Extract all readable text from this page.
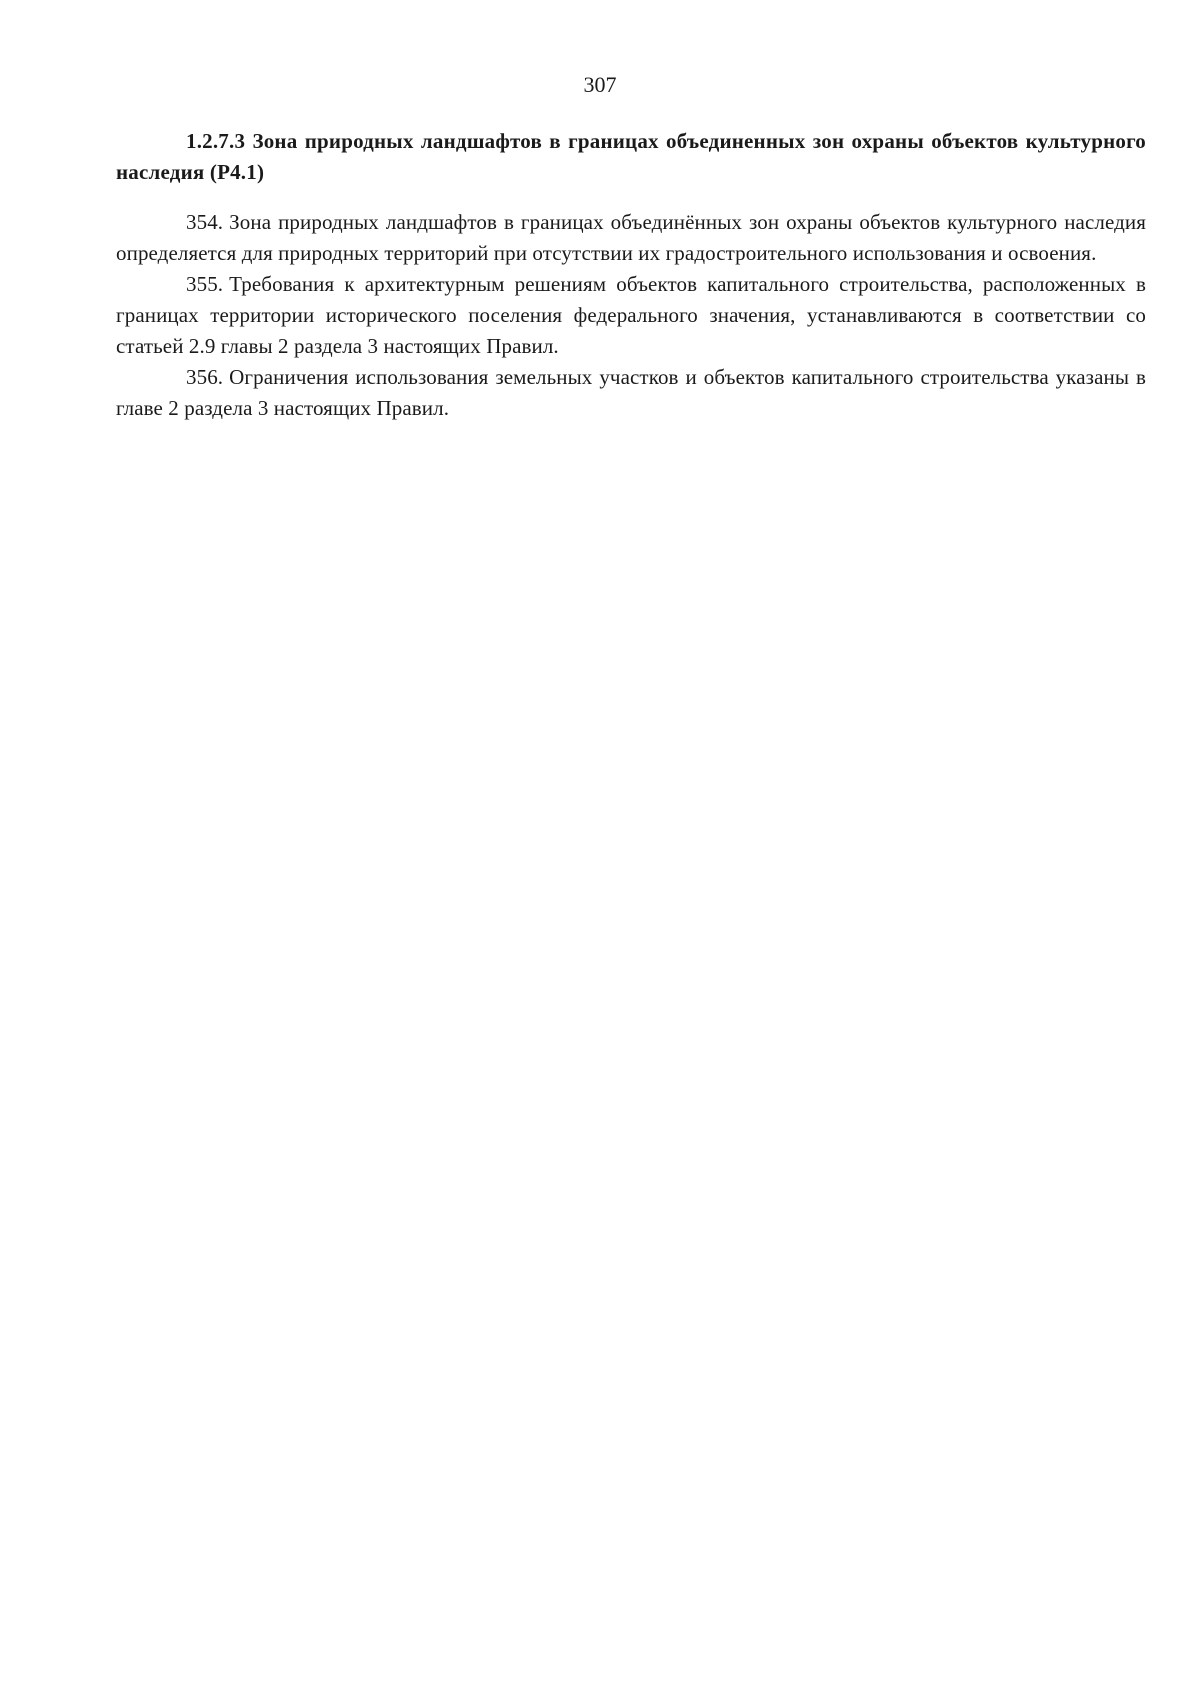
307

1.2.7.3 Зона природных ландшафтов в границах объединенных зон охраны объектов культурного наследия (Р4.1)

354. Зона природных ландшафтов в границах объединённых зон охраны объектов культурного наследия определяется для природных территорий при отсутствии их градостроительного использования и освоения.

355. Требования к архитектурным решениям объектов капитального строительства, расположенных в границах территории исторического поселения федерального значения, устанавливаются в соответствии со статьей 2.9 главы 2 раздела 3 настоящих Правил.

356. Ограничения использования земельных участков и объектов капитального строительства указаны в главе 2 раздела 3 настоящих Правил.
